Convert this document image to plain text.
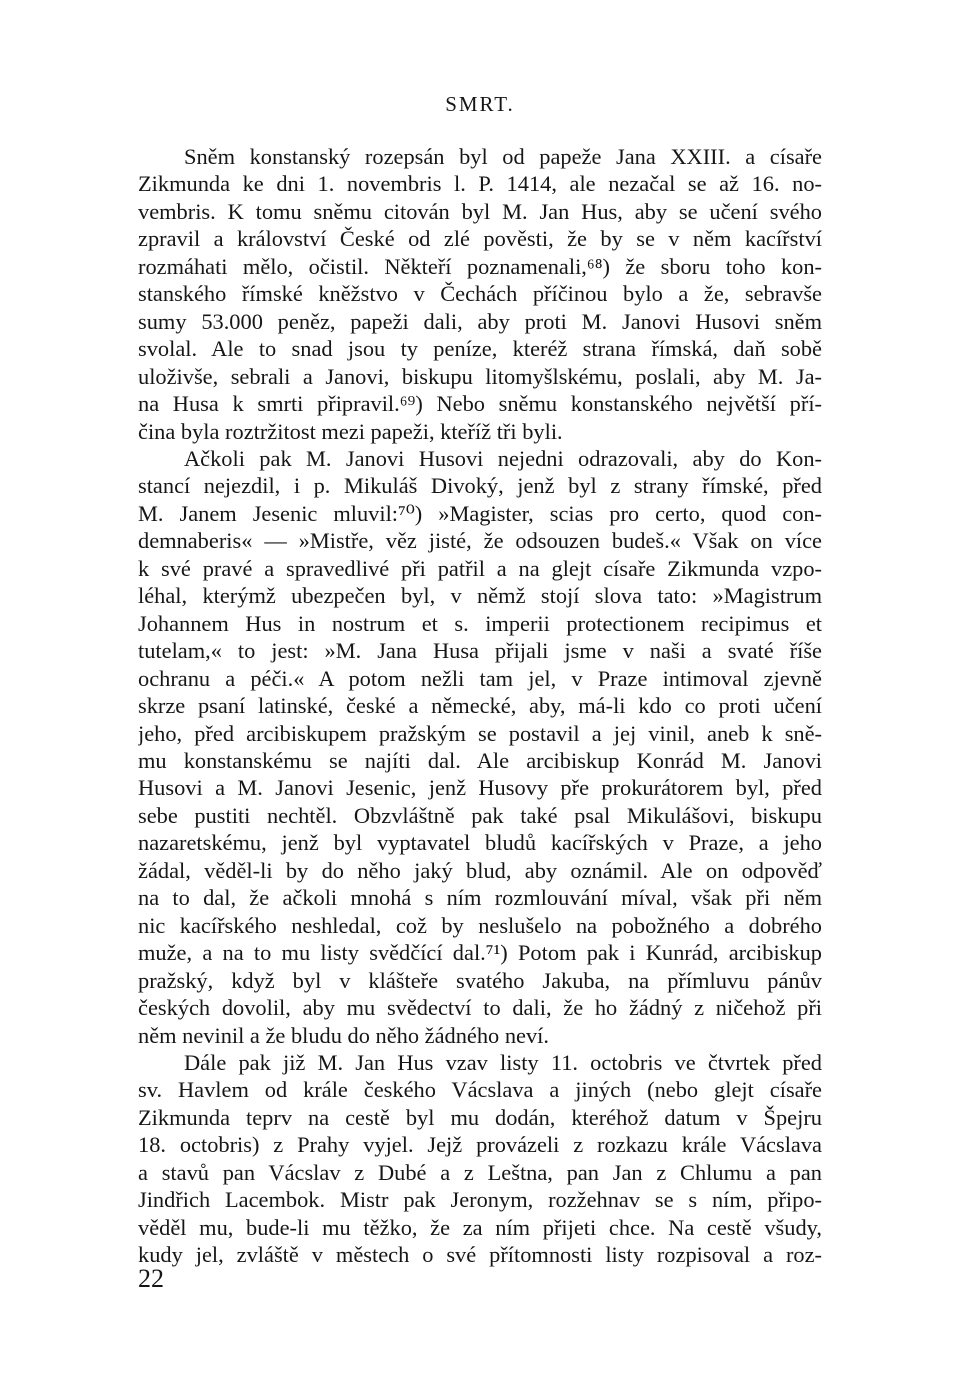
SMRT.
Sněm konstanský rozepsán byl od papeže Jana XXIII. a císaře
Zikmunda ke dni 1. novembris l. P. 1414, ale nezačal se až 16. no-
vembris. K tomu sněmu citován byl M. Jan Hus, aby se učení svého
zpravil a království České od zlé pověsti, že by se v něm kacířství
rozmáhati mělo, očistil. Někteří poznamenali,⁶⁸) že sboru toho kon-
stanského římské kněžstvo v Čechách příčinou bylo a že, sebravše
sumy 53.000 peněz, papeži dali, aby proti M. Janovi Husovi sněm
svolal. Ale to snad jsou ty peníze, kteréž strana římská, daň sobě
uloživše, sebrali a Janovi, biskupu litomyšlskému, poslali, aby M. Ja-
na Husa k smrti připravil.⁶⁹) Nebo sněmu konstanského největší pří-
čina byla roztržitost mezi papeži, kteříž tři byli.
Ačkoli pak M. Janovi Husovi nejedni odrazovali, aby do Kon-
stancí nejezdil, i p. Mikuláš Divoký, jenž byl z strany římské, před
M. Janem Jesenic mluvil:⁷⁰) »Magister, scias pro certo, quod con-
demnaberis« — »Mistře, věz jisté, že odsouzen budeš.« Však on více
k své pravé a spravedlivé při patřil a na glejt císaře Zikmunda vzpo-
léhal, kterýmž ubezpečen byl, v němž stojí slova tato: »Magistrum
Johannem Hus in nostrum et s. imperii protectionem recipimus et
tutelam,« to jest: »M. Jana Husa přijali jsme v naši a svaté říše
ochranu a péči.« A potom nežli tam jel, v Praze intimoval zjevně
skrze psaní latinské, české a německé, aby, má-li kdo co proti učení
jeho, před arcibiskupem pražským se postavil a jej vinil, aneb k sně-
mu konstanskému se najíti dal. Ale arcibiskup Konrád M. Janovi
Husovi a M. Janovi Jesenic, jenž Husovy pře prokurátorem byl, před
sebe pustiti nechtěl. Obzvláštně pak také psal Mikulášovi, biskupu
nazaretskému, jenž byl vyptavatel bludů kacířských v Praze, a jeho
žádal, věděl-li by do něho jaký blud, aby oznámil. Ale on odpověď
na to dal, že ačkoli mnohá s ním rozmlouvání míval, však při něm
nic kacířského neshledal, což by neslušelo na pobožného a dobrého
muže, a na to mu listy svědčící dal.⁷¹) Potom pak i Kunrád, arcibiskup
pražský, když byl v klášteře svatého Jakuba, na přímluvu pánův
českých dovolil, aby mu svědectví to dali, že ho žádný z ničehož při
něm nevinil a že bludu do něho žádného neví.
Dále pak již M. Jan Hus vzav listy 11. octobris ve čtvrtek před
sv. Havlem od krále českého Vácslava a jiných (nebo glejt císaře
Zikmunda teprv na cestě byl mu dodán, kteréhož datum v Špejru
18. octobris) z Prahy vyjel. Jejž provázeli z rozkazu krále Vácslava
a stavů pan Vácslav z Dubé a z Leštna, pan Jan z Chlumu a pan
Jindřich Lacembok. Mistr pak Jeronym, rozžehnav se s ním, připo-
věděl mu, bude-li mu těžko, že za ním přijeti chce. Na cestě všudy,
kudy jel, zvláště v městech o své přítomnosti listy rozpisoval a roz-
22
